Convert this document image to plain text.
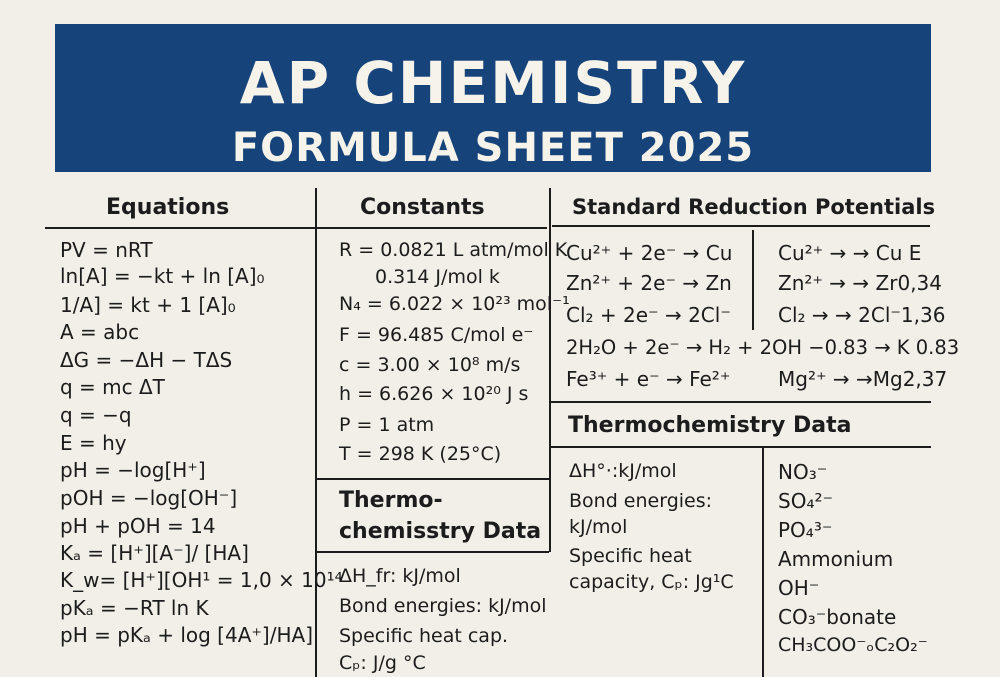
AP CHEMISTRY
FORMULA SHEET 2025
Equations
PV = nRT
ln[A] = −kt + ln [A]₀
1/A] = kt + 1 [A]₀
A = abc
ΔG = −ΔH − TΔS
q = mc ΔT
q = −q
E = hy
pH = −log[H⁺]
pOH = −log[OH⁻]
pH + pOH = 14
Kₐ = [H⁺][A⁻]/ [HA]
K_w= [H⁺][OH¹ = 1,0 × 10¹⁴
pKₐ = −RT ln K
pH = pKₐ + log [4A⁺]/HA]
Constants
R = 0.0821 L atm/mol K
0.314 J/mol k
N₄ = 6.022 × 10²³ mol⁻¹
F = 96.485 C/mol e⁻
c = 3.00 × 10⁸ m/s
h = 6.626 × 10²⁰ J s
P = 1 atm
T = 298 K (25°C)
Thermo-
chemisstry Data
ΔH_fr: kJ/mol
Bond energies: kJ/mol
Specific heat cap.
Cₚ: J/g °C
Standard Reduction Potentials
Cu²⁺ + 2e⁻ → Cu
Zn²⁺ + 2e⁻ → Zn
Cl₂ + 2e⁻ → 2Cl⁻
Cu²⁺ → → Cu E
Zn²⁺ → → Zr0,34
Cl₂ → → 2Cl⁻1,36
2H₂O + 2e⁻ → H₂ + 2OH −0.83 → K 0.83
Fe³⁺ + e⁻ → Fe²⁺ Mg²⁺ → →Mg2,37
Thermochemistry Data
ΔH°·:kJ/mol
Bond energies:
kJ/mol
Specific heat
capacity, Cₚ: Jg¹C
NO₃⁻
SO₄²⁻
PO₄³⁻
Ammonium
OH⁻
CO₃⁻bonate
CH₃COO⁻ₒC₂O₂⁻
